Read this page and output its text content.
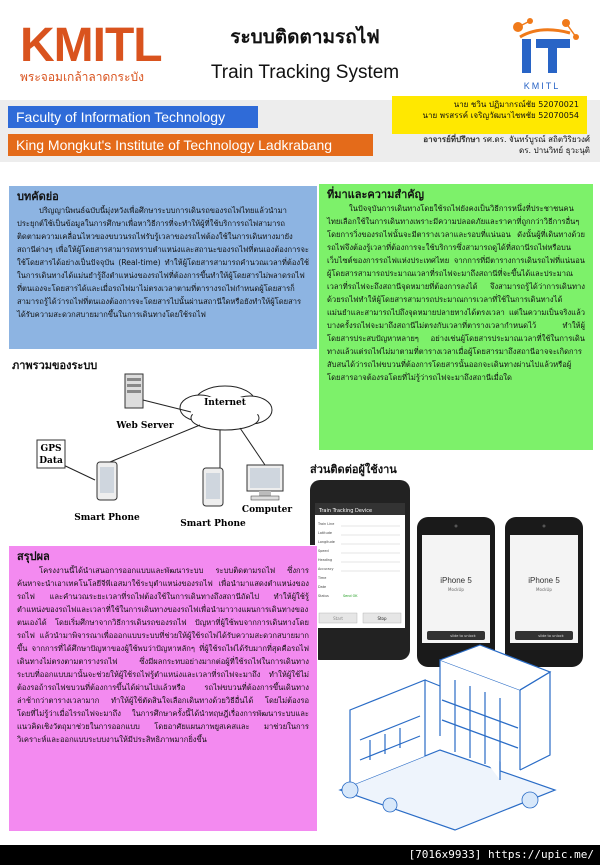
KMITL
พระจอมเกล้าลาดกระบัง
ระบบติดตามรถไฟ
Train Tracking System
KMITL
Faculty of Information Technology
King Mongkut's Institute of Technology Ladkrabang
นาย ชวิน ปฏิมากรณ์ชัย 52070021
นาย พรสรรค์ เจริญวัฒนาไชพชัย 52070054
อาจารย์ที่ปรึกษา รศ.ดร. จันทร์บูรณ์ สถิตวิริยวงศ์
ดร. ปานวิทย์ ธุวะนุติ
บทคัดย่อ

ปริญญานิพนธ์ฉบับนี้มุ่งหวังเพื่อศึกษาระบบการเดินรถของรถไฟไทยแล้วนำมาประยุกต์ใช้เป็นข้อมูลในการศึกษาเพื่อหาวิธีการที่จะทำให้ผู้ที่ใช้บริการรถไฟสามารถติดตามความเคลื่อนไหวของขบวนรถไฟรับรู้เวลาของรถไฟต้องใช้ในการเดินทางมายังสถานีต่างๆ เพื่อให้ผู้โดยสารสามารถทราบตำแหน่งและสถานะของรถไฟที่ตนเองต้องการจะใช้โดยสารได้อย่างเป็นปัจจุบัน (Real-time) ทำให้ผู้โดยสารสามารถคำนวณเวลาที่ต้องใช้ในการเดินทางได้แม่นยำรู้ถึงตำแหน่งของรถไฟที่ต้องการขึ้นทำให้ผู้โดยสารไม่พลาดรถไฟที่ตนเองจะโดยสารได้และเมื่อรถไฟมาไม่ตรงเวลาตามที่ตารางรถไฟกำหนดผู้โดยสารก็สามารถรู้ได้ว่ารถไฟที่ตนเองต้องการจะโดยสารไปนั้นผ่านสถานีใดหรือยังทำให้ผู้โดยสารได้รับความสะดวกสบายมากขึ้นในการเดินทางโดยใช้รถไฟ

ที่มาและความสำคัญ

ในปัจจุบันการเดินทางโดยใช้รถไฟยังคงเป็นวิธีการหนึ่งที่ประชาชนคนไทยเลือกใช้ในการเดินทางเพราะมีความปลอดภัยและราคาที่ถูกกว่าวิธีการอื่นๆ โดยการวิ่งของรถไฟนั้นจะมีตารางเวลาและรอบที่แน่นอน ดังนั้นผู้ที่เดินทางด้วยรถไฟจึงต้องรู้เวลาที่ต้องการจะใช้บริการซึ่งสามารถดูได้ที่สถานีรถไฟหรือบนเว็บไซต์ของการรถไฟแห่งประเทศไทย จากการที่มีตารางการเดินรถไฟที่แน่นอนผู้โดยสารสามารถประมาณเวลาที่รถไฟจะมาถึงสถานีที่จะขึ้นได้และประมาณเวลาที่รถไฟจะถึงสถานีจุดหมายที่ต้องการลงได้ จึงสามารถรู้ได้ว่าการเดินทางด้วยรถไฟทำให้ผู้โดยสารสามารถประมาณการเวลาที่ใช้ในการเดินทางได้แม่นยำและสามารถไปถึงจุดหมายปลายทางได้ตรงเวลา แต่ในความเป็นจริงแล้วบางครั้งรถไฟจะมาถึงสถานีไม่ตรงกับเวลาที่ตารางเวลากำหนดไว้ ทำให้ผู้โดยสารประสบปัญหาหลายๆ อย่างเช่นผู้โดยสารประมาณเวลาที่ใช้ในการเดินทางแล้วแต่รถไฟไม่มาตามที่ตารางเวลาเมื่อผู้โดยสารมาถึงสถานีอาจจะเกิดการสับสนได้ว่ารถไฟขบวนที่ต้องการโดยสารนั้นออกจะเดินทางผ่านไปแล้วหรือผู้โดยสารอาจต้องรอโดยที่ไม่รู้ว่ารถไฟจะมาถึงสถานีเมื่อใด

ภาพรวมของระบบ
Internet
Web Server
GPS
Data
Smart Phone
Smart Phone
Computer
ส่วนติดต่อผู้ใช้งาน
Train Tracking Device
Train Line
Latitude
Longitude
Speed
Heading
Accuracy
Time
Date
Status	Send OK
Start	Stop
iPhone 5
MockUp
slide to unlock
iPhone 5
MockUp
slide to unlock
สรุปผล

โครงงานนี้ได้นำเสนอการออกแบบและพัฒนาระบบ ระบบติดตามรถไฟ ซึ่งการค้นหาจะนำเอาเทคโนโลยีจีพีเอสมาใช้ระบุตำแหน่งของรถไฟ เพื่อนำมาแสดงตำแหน่งของรถไฟ และคำนวณระยะเวลาที่รถไฟต้องใช้ในการเดินทางถึงสถานีถัดไป ทำให้ผู้ใช้รู้ตำแหน่งของรถไฟและเวลาที่ใช้ในการเดินทางของรถไฟเพื่อนำมาวางแผนการเดินทางของตนเองได้ โดยเริ่มศึกษาจากวิธีการเดินรถของรถไฟ ปัญหาที่ผู้ใช้พบจากการเดินทางโดยรถไฟ แล้วนำมาพิจารณาเพื่อออกแบบระบบที่ช่วยให้ผู้ใช้รถไฟได้รับความสะดวกสบายมากขึ้น จากการที่ได้ศึกษาปัญหาของผู้ใช้พบว่าปัญหาหลักๆ ที่ผู้ใช้รถไฟได้รับมากที่สุดคือรถไฟเดินทางไม่ตรงตามตารางรถไฟ ซึ่งมีผลกระทบอย่างมากต่อผู้ที่ใช้รถไฟในการเดินทาง ระบบที่ออกแบบมานั้นจะช่วยให้ผู้ใช้รถไฟรู้ตำแหน่งและเวลาที่รถไฟจะมาถึง ทำให้ผู้ใช้ไม่ต้องรอถ้ารถไฟขบวนที่ต้องการขึ้นได้ผ่านไปแล้วหรือ รถไฟขบวนที่ต้องการขึ้นเดินทางล่าช้ากว่าตารางเวลามาก ทำให้ผู้ใช้ตัดสินใจเลือกเดินทางด้วยวิธีอื่นได้ โดยไม่ต้องรอโดยที่ไม่รู้ว่าเมื่อไรรถไฟจะมาถึง ในการศึกษาครั้งนี้ได้นำทฤษฎีเรื่องการพัฒนาระบบและแนวคิดเชิงวัตถุมาช่วยในการออกแบบ โดยอาศัยแผนภาพยูสเคสและ มาช่วยในการวิเคราะห์และออกแบบระบบงานให้มีประสิทธิภาพมากยิ่งขึ้น

[7016x9933] https://upic.me/
